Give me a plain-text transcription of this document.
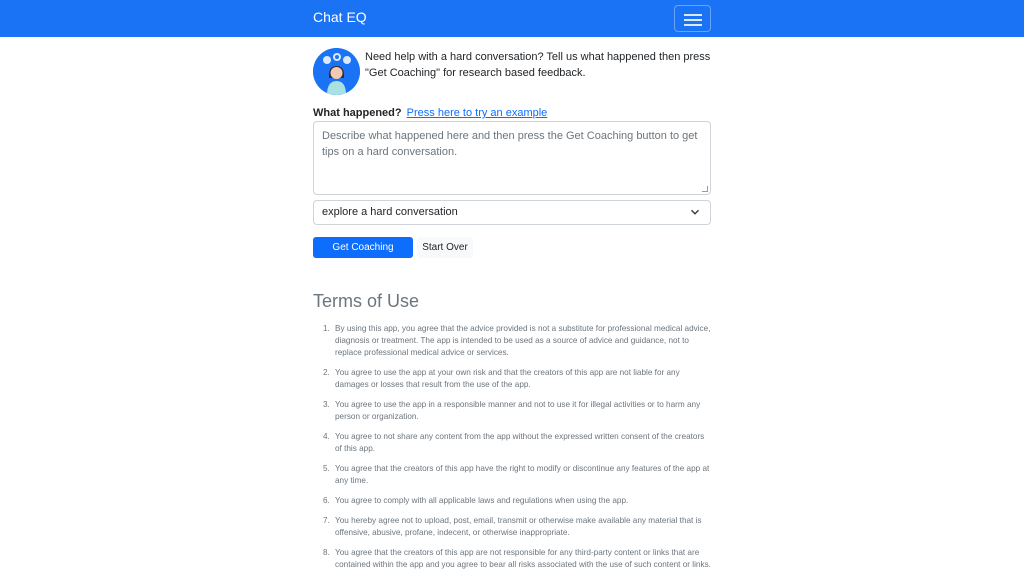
Chat EQ
Need help with a hard conversation? Tell us what happened then press "Get Coaching" for research based feedback.
What happened? Press here to try an example
Describe what happened here and then press the Get Coaching button to get tips on a hard conversation.
explore a hard conversation
Get Coaching	Start Over
Terms of Use
1. By using this app, you agree that the advice provided is not a substitute for professional medical advice, diagnosis or treatment. The app is intended to be used as a source of advice and guidance, not to replace professional medical advice or services.
2. You agree to use the app at your own risk and that the creators of this app are not liable for any damages or losses that result from the use of the app.
3. You agree to use the app in a responsible manner and not to use it for illegal activities or to harm any person or organization.
4. You agree to not share any content from the app without the expressed written consent of the creators of this app.
5. You agree that the creators of this app have the right to modify or discontinue any features of the app at any time.
6. You agree to comply with all applicable laws and regulations when using the app.
7. You hereby agree not to upload, post, email, transmit or otherwise make available any material that is offensive, abusive, profane, indecent, or otherwise inappropriate.
8. You agree that the creators of this app are not responsible for any third-party content or links that are contained within the app and you agree to bear all risks associated with the use of such content or links.
